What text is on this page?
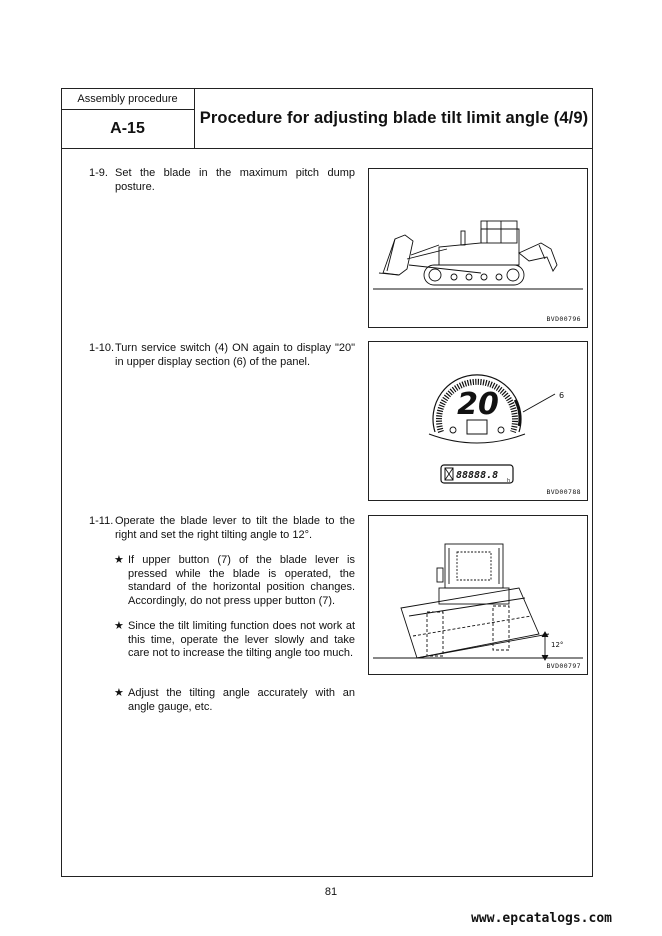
Assembly procedure
A-15
Procedure for adjusting blade tilt limit angle (4/9)
1-9. Set the blade in the maximum pitch dump posture.
BVD00796
1-10. Turn service switch (4) ON again to display "20" in upper display section (6) of the panel.
20	6
88888.8 h
BVD00788
1-11. Operate the blade lever to tilt the blade to the right and set the right tilting angle to 12°.
★ If upper button (7) of the blade lever is pressed while the blade is operated, the standard of the horizontal position changes. Accordingly, do not press upper button (7).
★ Since the tilt limiting function does not work at this time, operate the lever slowly and take care not to increase the tilting angle too much.
★ Adjust the tilting angle accurately with an angle gauge, etc.
12°
BVD00797
81
www.epcatalogs.com
